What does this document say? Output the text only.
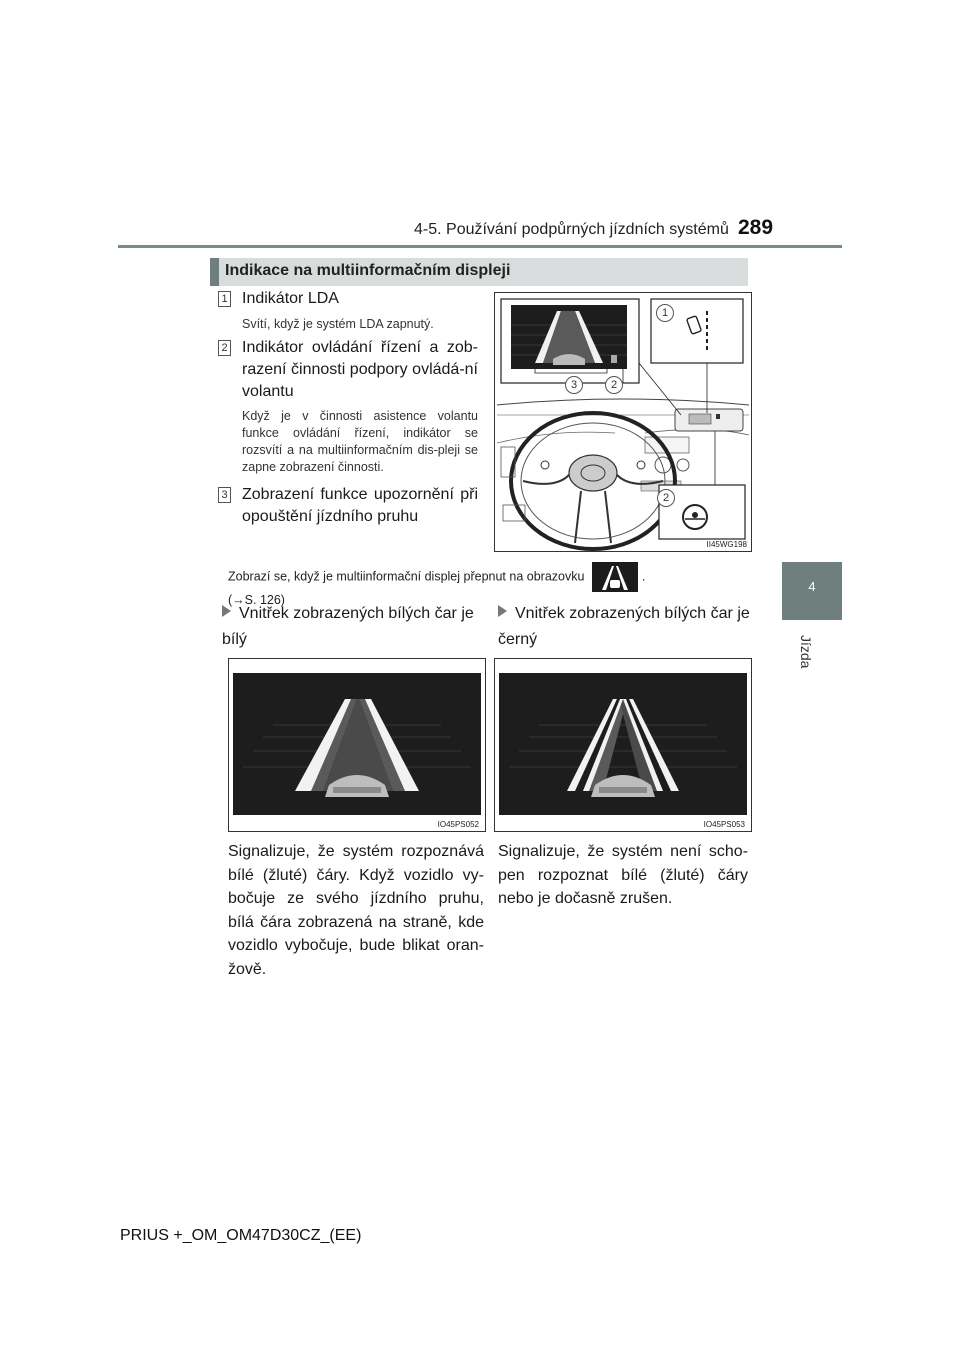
4-5. Používání podpůrných jízdních systémů 289
4
Jízda
Indikace na multiinformačním displeji
1 Indikátor LDA
Svítí, když je systém LDA zapnutý.
2 Indikátor ovládání řízení a zob-razení činnosti podpory ovládá-ní volantu
Když je v činnosti asistence volantu funkce ovládání řízení, indikátor se rozsvítí a na multiinformačním dis-pleji se zapne zobrazení činnosti.
3 Zobrazení funkce upozornění při opouštění jízdního pruhu
1
3	2
2
II45WG198
Zobrazí se, když je multiinformační displej přepnut na obrazovku	.
(→S. 126)
Vnitřek zobrazených bílých čar je bílý
IO45PS052
Signalizuje, že systém rozpoznává bílé (žluté) čáry. Když vozidlo vy-bočuje ze svého jízdního pruhu, bílá čára zobrazená na straně, kde vozidlo vybočuje, bude blikat oran-žově.
Vnitřek zobrazených bílých čar je černý
IO45PS053
Signalizuje, že systém není scho-pen rozpoznat bílé (žluté) čáry nebo je dočasně zrušen.
PRIUS +_OM_OM47D30CZ_(EE)
